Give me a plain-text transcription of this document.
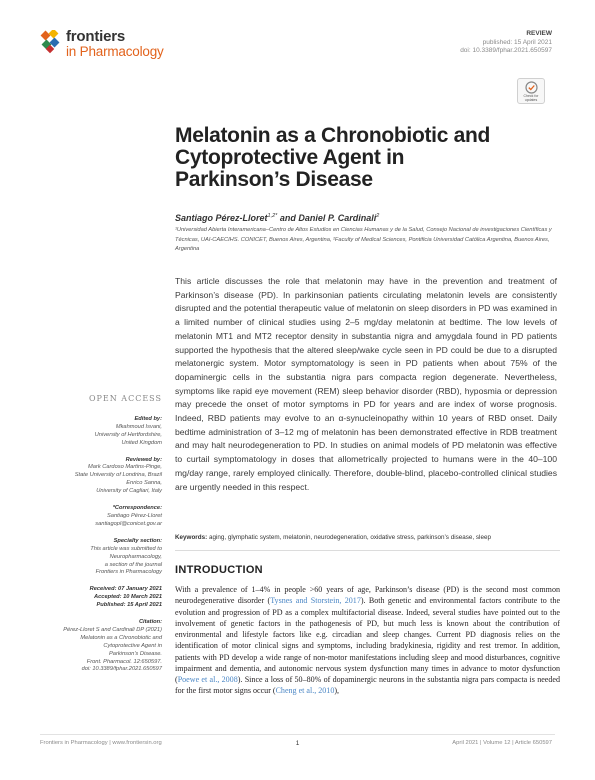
frontiers
in Pharmacology
REVIEW
published: 15 April 2021
doi: 10.3389/fphar.2021.650597
Check for updates
Melatonin as a Chronobiotic and Cytoprotective Agent in Parkinson’s Disease
Santiago Pérez-Lloret$^{1,2*}$ and Daniel P. Cardinali$^2$
¹Universidad Abierta Interamericana–Centro de Altos Estudios en Ciencias Humanas y de la Salud, Consejo Nacional de investigaciones Científicas y Técnicas, UAI-CAECIHS. CONICET, Buenos Aires, Argentina, ²Faculty of Medical Sciences, Pontificia Universidad Católica Argentina, Buenos Aires, Argentina

This article discusses the role that melatonin may have in the prevention and treatment of Parkinson’s disease (PD). In parkinsonian patients circulating melatonin levels are consistently disrupted and the potential therapeutic value of melatonin on sleep disorders in PD was examined in a limited number of clinical studies using 2–5 mg/day melatonin at bedtime. The low levels of melatonin MT1 and MT2 receptor density in substantia nigra and amygdala found in PD patients supported the hypothesis that the altered sleep/wake cycle seen in PD could be due to a disrupted melatonergic system. Motor symptomatology is seen in PD patients when about 75% of the dopaminergic cells in the substantia nigra pars compacta region degenerate. Nevertheless, symptoms like rapid eye movement (REM) sleep behavior disorder (RBD), hyposmia or depression may precede the onset of motor symptoms in PD for years and are index of worse prognosis. Indeed, RBD patients may evolve to an α-synucleinopathy within 10 years of RBD onset. Daily bedtime administration of 3–12 mg of melatonin has been demonstrated effective in RDB treatment and may halt neurodegeneration to PD. In studies on animal models of PD melatonin was effective to curtail symptomatology in doses that allometrically projected to humans were in the 40–100 mg/day range, rarely employed clinically. Therefore, double-blind, placebo-controlled clinical studies are urgently needed in this respect.

Keywords: aging, glymphatic system, melatonin, neurodegeneration, oxidative stress, parkinson’s disease, sleep
OPEN ACCESS
Edited by:
Mkahmoud Isvani,
University of Hertfordshire,
United Kingdom
Reviewed by:
Mark Cardoso Martins-Pinge,
State University of Londrina, Brazil
Enrico Sanna,
University of Cagliari, Italy
*Correspondence:
Santiago Pérez-Lloret
santiagopl@conicet.gov.ar
Specialty section:
This article was submitted to
Neuropharmacology,
a section of the journal
Frontiers in Pharmacology
Received: 07 January 2021
Accepted: 10 March 2021
Published: 15 April 2021
Citation:
Pérez-Lloret S and Cardinali DP (2021)
Melatonin as a Chronobiotic and
Cytoprotective Agent in
Parkinson’s Disease.
Front. Pharmacol. 12:650597.
doi: 10.3389/fphar.2021.650597
INTRODUCTION

With a prevalence of 1–4% in people >60 years of age, Parkinson’s disease (PD) is the second most common neurodegenerative disorder (Tysnes and Storstein, 2017). Both genetic and environmental factors contribute to the evolution and progression of PD as a complex multifactorial disease. Indeed, several studies have pointed out to the involvement of genetic factors in the pathogenesis of PD, but much less is known about the contribution of environmental and lifestyle factors like e.g. circadian and sleep changes. Current PD diagnosis relies on the identification of motor clinical signs and symptoms, including bradykinesia, rigidity and rest tremor. In addition, patients with PD develop a wide range of non-motor manifestations including sleep and mood disturbances, cognitive impairment and dementia, and autonomic nervous system dysfunction many times in advance to motor dysfunction (Poewe et al., 2008). Since a loss of 50–80% of dopaminergic neurons in the substantia nigra pars compacta is needed for the first motor signs occur (Cheng et al., 2010),

Frontiers in Pharmacology | www.frontiersin.org	1	April 2021 | Volume 12 | Article 650597
